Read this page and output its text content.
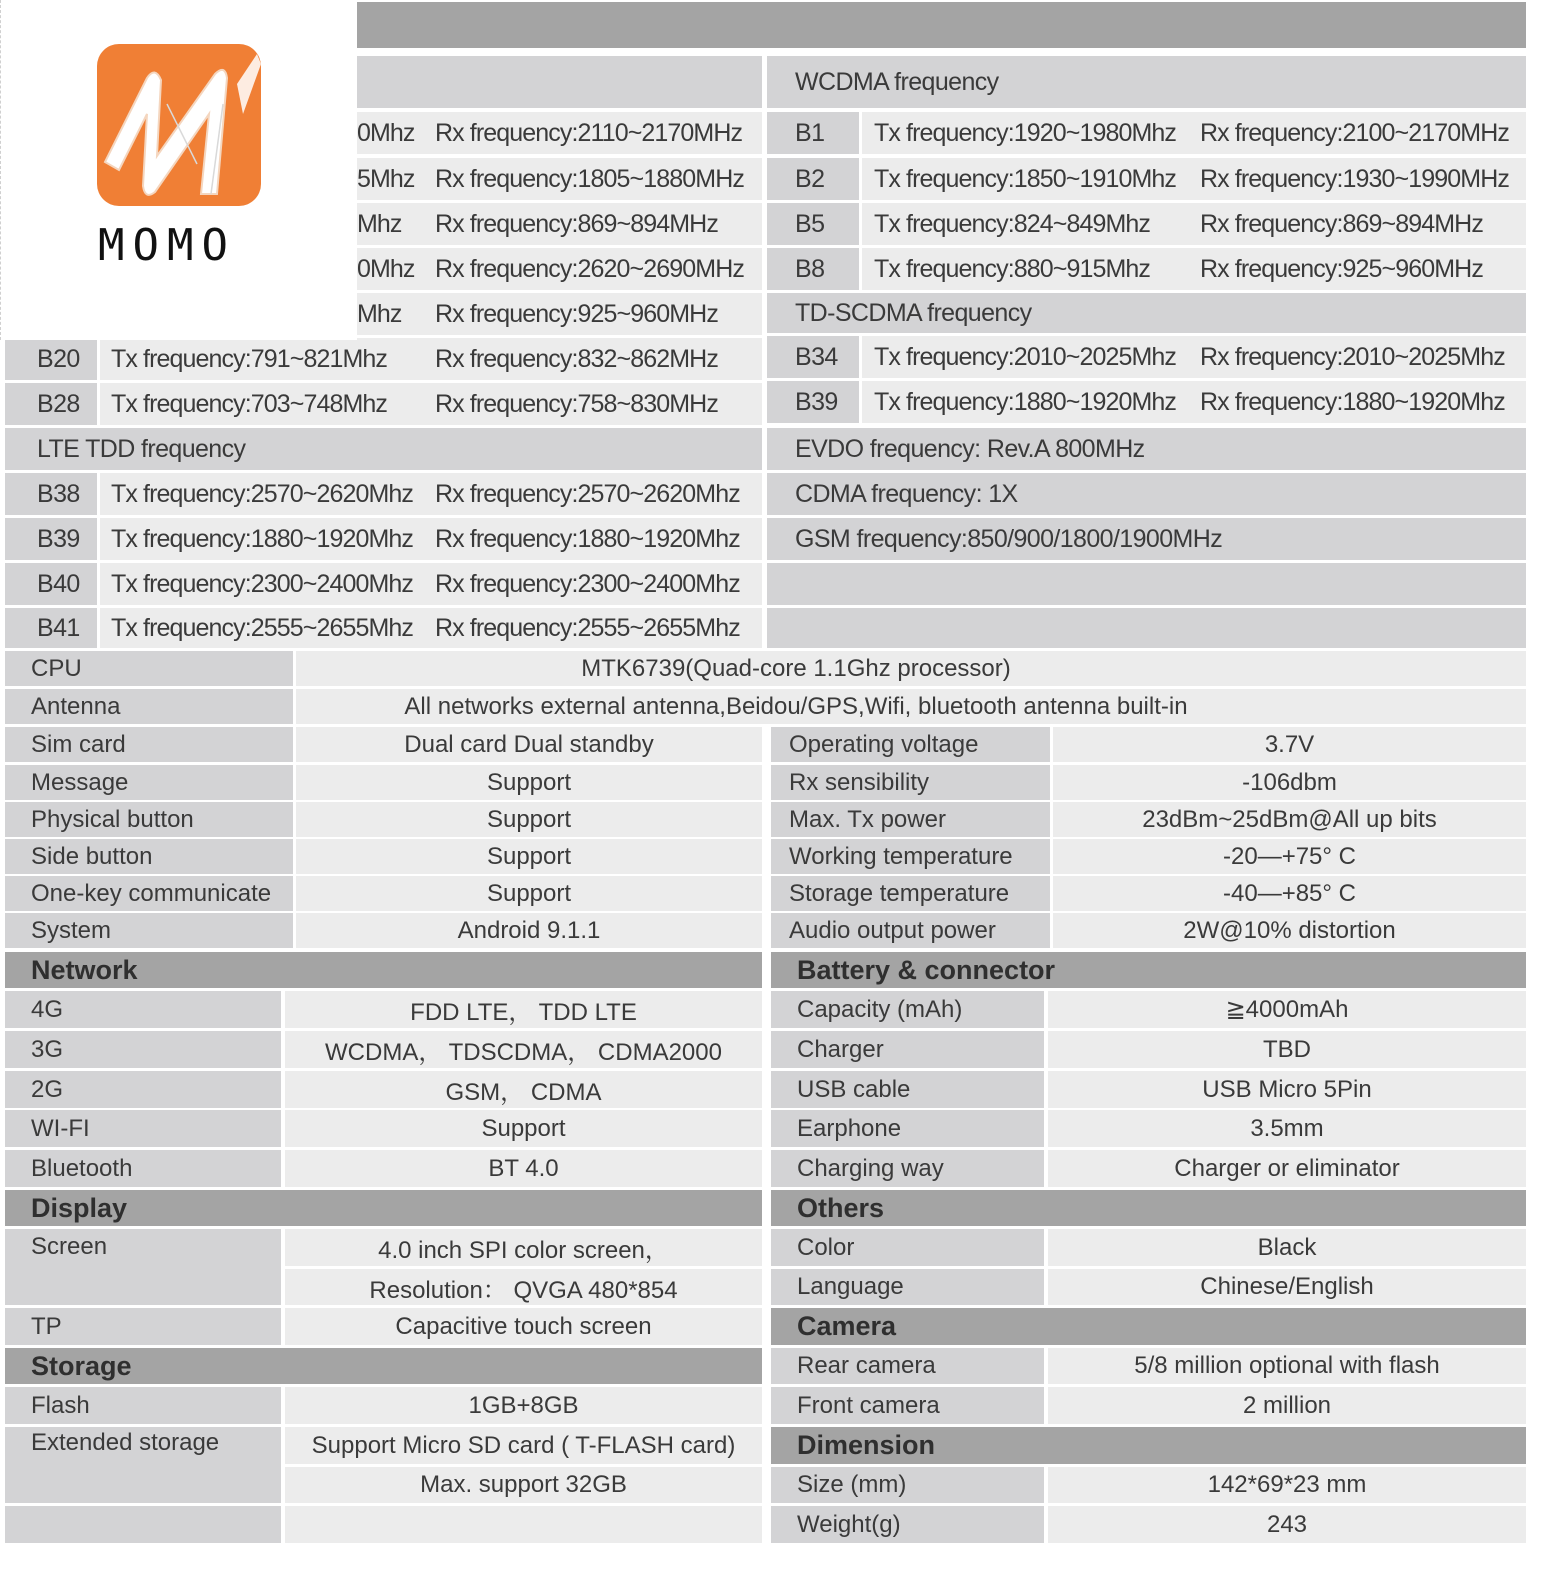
0Mhz Rx frequency:2110~2170MHz
5Mhz Rx frequency:1805~1880MHz
Mhz Rx frequency:869~894MHz
0Mhz Rx frequency:2620~2690MHz
Mhz Rx frequency:925~960MHz
B20	Tx frequency:791~821Mhz Rx frequency:832~862MHz
B28	Tx frequency:703~748Mhz Rx frequency:758~830MHz
LTE TDD frequency
B38	Tx frequency:2570~2620Mhz Rx frequency:2570~2620Mhz
B39	Tx frequency:1880~1920Mhz Rx frequency:1880~1920Mhz
B40	Tx frequency:2300~2400Mhz Rx frequency:2300~2400Mhz
B41	Tx frequency:2555~2655Mhz Rx frequency:2555~2655Mhz
WCDMA frequency
B1	Tx frequency:1920~1980Mhz Rx frequency:2100~2170MHz
B2	Tx frequency:1850~1910Mhz Rx frequency:1930~1990MHz
B5	Tx frequency:824~849Mhz Rx frequency:869~894MHz
B8	Tx frequency:880~915Mhz Rx frequency:925~960MHz
TD-SCDMA frequency
B34	Tx frequency:2010~2025Mhz Rx frequency:2010~2025Mhz
B39	Tx frequency:1880~1920Mhz Rx frequency:1880~1920Mhz
EVDO frequency: Rev.A 800MHz
CDMA frequency: 1X
GSM frequency:850/900/1800/1900MHz
CPU	MTK6739(Quad-core 1.1Ghz processor)
Antenna	All networks external antenna,Beidou/GPS,Wifi, bluetooth antenna built-in
Sim card	Dual card Dual standby
Message	Support
Physical button	Support
Side button	Support
One-key communicate	Support
System	Android 9.1.1
Operating voltage	3.7V
Rx sensibility	-106dbm
Max. Tx power	23dBm~25dBm@All up bits
Working temperature	-20—+75° C
Storage temperature	-40—+85° C
Audio output power	2W@10% distortion
Network
4G	FDD LTE， TDD LTE
3G	WCDMA， TDSCDMA， CDMA2000
2G	GSM， CDMA
WI-FI	Support
Bluetooth	BT 4.0
Display
Screen	4.0 inch SPI color screen，
Resolution： QVGA 480*854
TP	Capacitive touch screen
Storage
Flash	1GB+8GB
Extended storage	Support Micro SD card ( T-FLASH card)
Max. support 32GB
Battery & connector
Capacity (mAh)	≧4000mAh
Charger	TBD
USB cable	USB Micro 5Pin
Earphone	3.5mm
Charging way	Charger or eliminator
Others
Color	Black
Language	Chinese/English
Camera
Rear camera	5/8 million optional with flash
Front camera	2 million
Dimension
Size (mm)	142*69*23 mm
Weight(g)	243
MOMO
